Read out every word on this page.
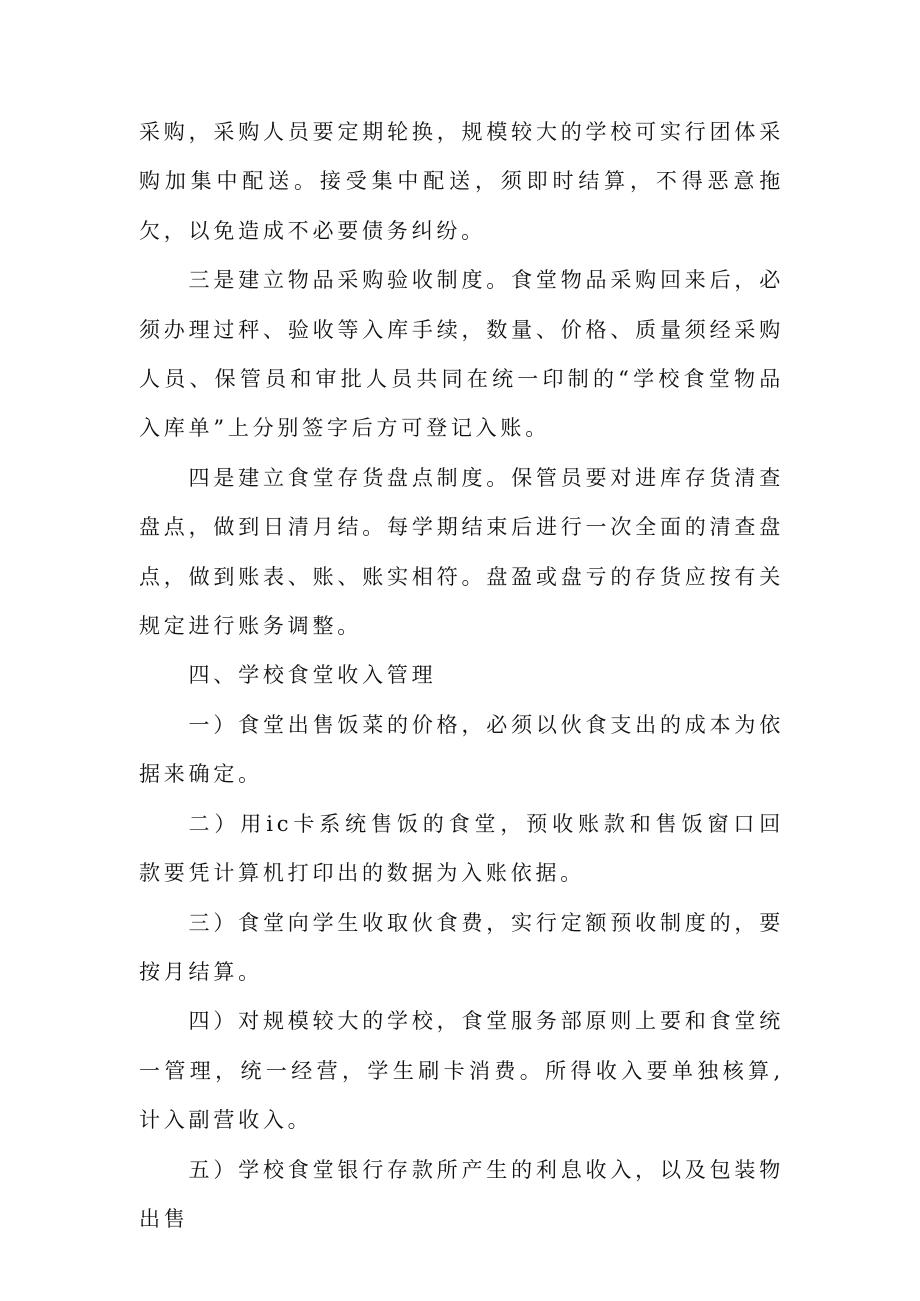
采购，采购人员要定期轮换，规模较大的学校可实行团体采购加集中配送。接受集中配送，须即时结算，不得恶意拖欠，以免造成不必要债务纠纷。

三是建立物品采购验收制度。食堂物品采购回来后，必须办理过秤、验收等入库手续，数量、价格、质量须经采购人员、保管员和审批人员共同在统一印制的“学校食堂物品入库单”上分别签字后方可登记入账。

四是建立食堂存货盘点制度。保管员要对进库存货清查盘点，做到日清月结。每学期结束后进行一次全面的清查盘点，做到账表、账、账实相符。盘盈或盘亏的存货应按有关规定进行账务调整。

四、学校食堂收入管理

一）食堂出售饭菜的价格，必须以伙食支出的成本为依据来确定。

二）用ic卡系统售饭的食堂，预收账款和售饭窗口回款要凭计算机打印出的数据为入账依据。

三）食堂向学生收取伙食费，实行定额预收制度的，要按月结算。

四）对规模较大的学校，食堂服务部原则上要和食堂统一管理，统一经营，学生刷卡消费。所得收入要单独核算,计入副营收入。

五）学校食堂银行存款所产生的利息收入，以及包装物出售
